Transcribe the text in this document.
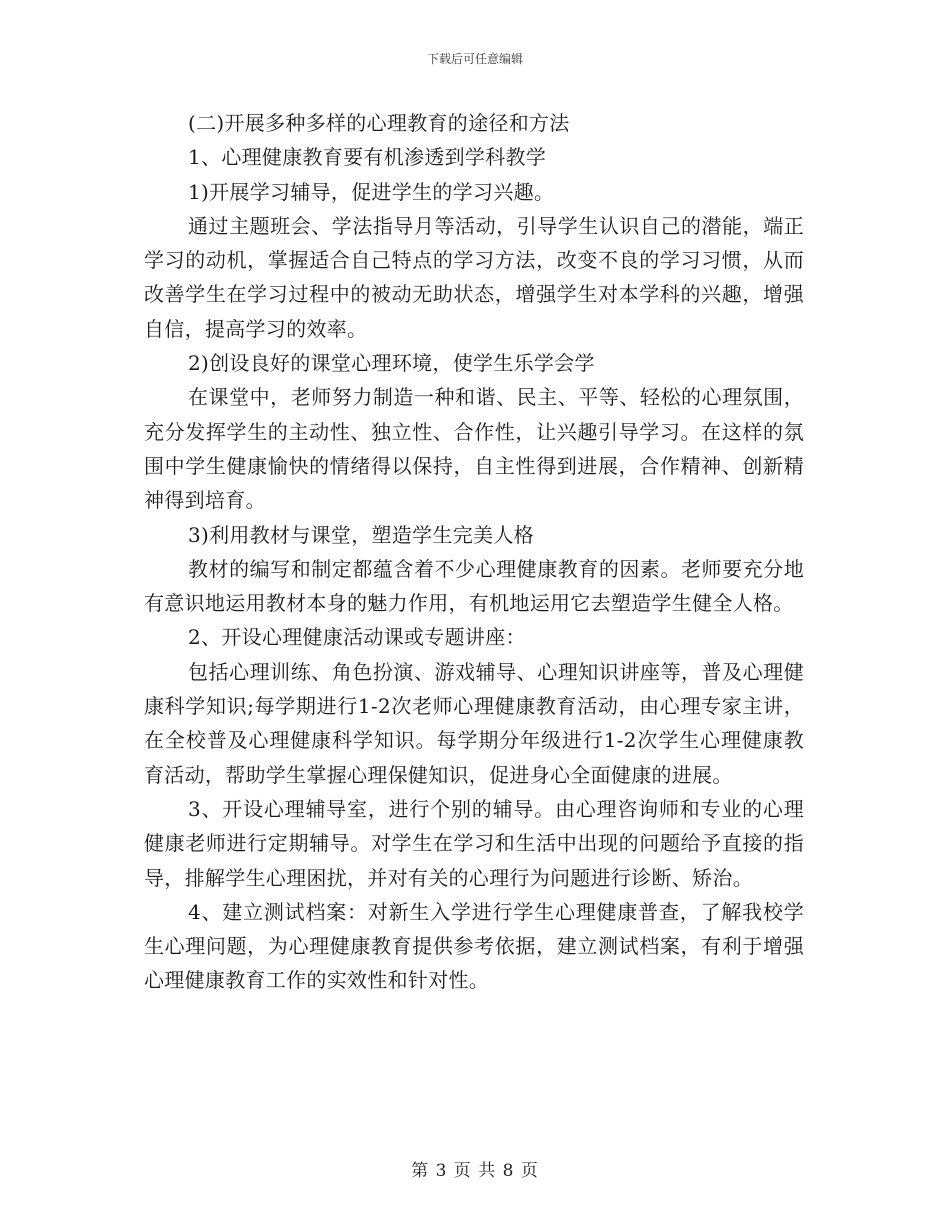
下载后可任意编辑

(二)开展多种多样的心理教育的途径和方法

1、心理健康教育要有机渗透到学科教学

1)开展学习辅导，促进学生的学习兴趣。

通过主题班会、学法指导月等活动，引导学生认识自己的潜能，端正学习的动机，掌握适合自己特点的学习方法，改变不良的学习习惯，从而改善学生在学习过程中的被动无助状态，增强学生对本学科的兴趣，增强自信，提高学习的效率。

2)创设良好的课堂心理环境，使学生乐学会学

在课堂中，老师努力制造一种和谐、民主、平等、轻松的心理氛围，充分发挥学生的主动性、独立性、合作性，让兴趣引导学习。在这样的氛围中学生健康愉快的情绪得以保持，自主性得到进展，合作精神、创新精神得到培育。

3)利用教材与课堂，塑造学生完美人格

教材的编写和制定都蕴含着不少心理健康教育的因素。老师要充分地有意识地运用教材本身的魅力作用，有机地运用它去塑造学生健全人格。

2、开设心理健康活动课或专题讲座：

包括心理训练、角色扮演、游戏辅导、心理知识讲座等，普及心理健康科学知识;每学期进行1-2次老师心理健康教育活动，由心理专家主讲，在全校普及心理健康科学知识。每学期分年级进行1-2次学生心理健康教育活动，帮助学生掌握心理保健知识，促进身心全面健康的进展。

3、开设心理辅导室，进行个别的辅导。由心理咨询师和专业的心理健康老师进行定期辅导。对学生在学习和生活中出现的问题给予直接的指导，排解学生心理困扰，并对有关的心理行为问题进行诊断、矫治。

4、建立测试档案：对新生入学进行学生心理健康普查，了解我校学生心理问题，为心理健康教育提供参考依据，建立测试档案，有利于增强心理健康教育工作的实效性和针对性。

第 3 页 共 8 页
